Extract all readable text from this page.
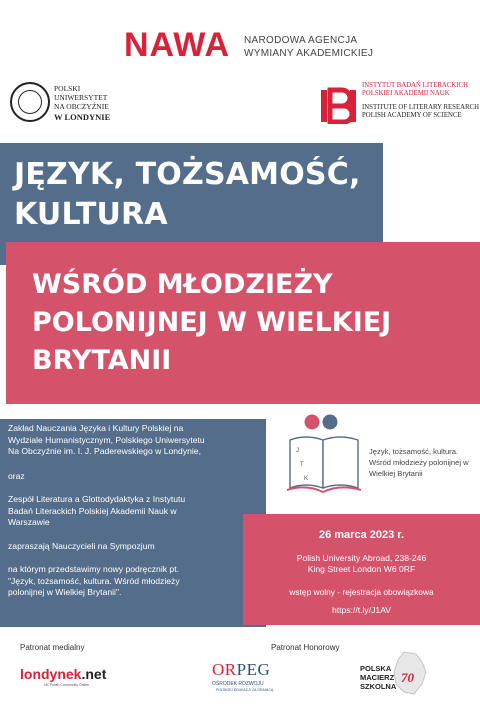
NAWA NARODOWA AGENCJA
WYMIANY AKADEMICKIEJ
POLSKI
UNIWERSYTET
NA OBCZYŹNIE
W LONDYNIE
INSTYTUT BADAŃ LITERACKICH
POLSKIEJ AKADEMII NAUK
INSTITUTE OF LITERARY RESEARCH
POLISH ACADEMY OF SCIENCE
JĘZYK, TOŻSAMOŚĆ,
KULTURA
WŚRÓD MŁODZIEŻY
POLONIJNEJ W WIELKIEJ
BRYTANII
Zakład Nauczania Języka i Kultury Polskiej na
Wydziale Humanistycznym, Polskiego Uniwersytetu
Na Obczyźnie im. I. J. Paderewskiego w Londynie,
oraz
Zespół Literatura a Glottodydaktyka z Instytutu
Badań Literackich Polskiej Akademii Nauk w
Warszawie
zapraszają Nauczycieli na Sympozjum
na którym przedstawimy nowy podręcznik pt.
"Język, tożsamość, kultura. Wśród młodzieży
polonijnej w Wielkiej Brytanii".
J
T
K
Język, tożsamość, kultura.
Wśród młodzieży polonijnej w
Wielkiej Brytanii
26 marca 2023 r.
Polish University Abroad, 238-246
King Street London W6 0RF
wstęp wolny - rejestracja obowiązkowa
https://t.ly/J1AV
Patronat medialny	Patronat Honorowy
londynek.net
UK Polish Community Online
ORPEG
OŚRODEK ROZWOJU
POLSKIEJ EDUKACJI ZA GRANICĄ
70
POLSKA
MACIERZ
SZKOLNA
